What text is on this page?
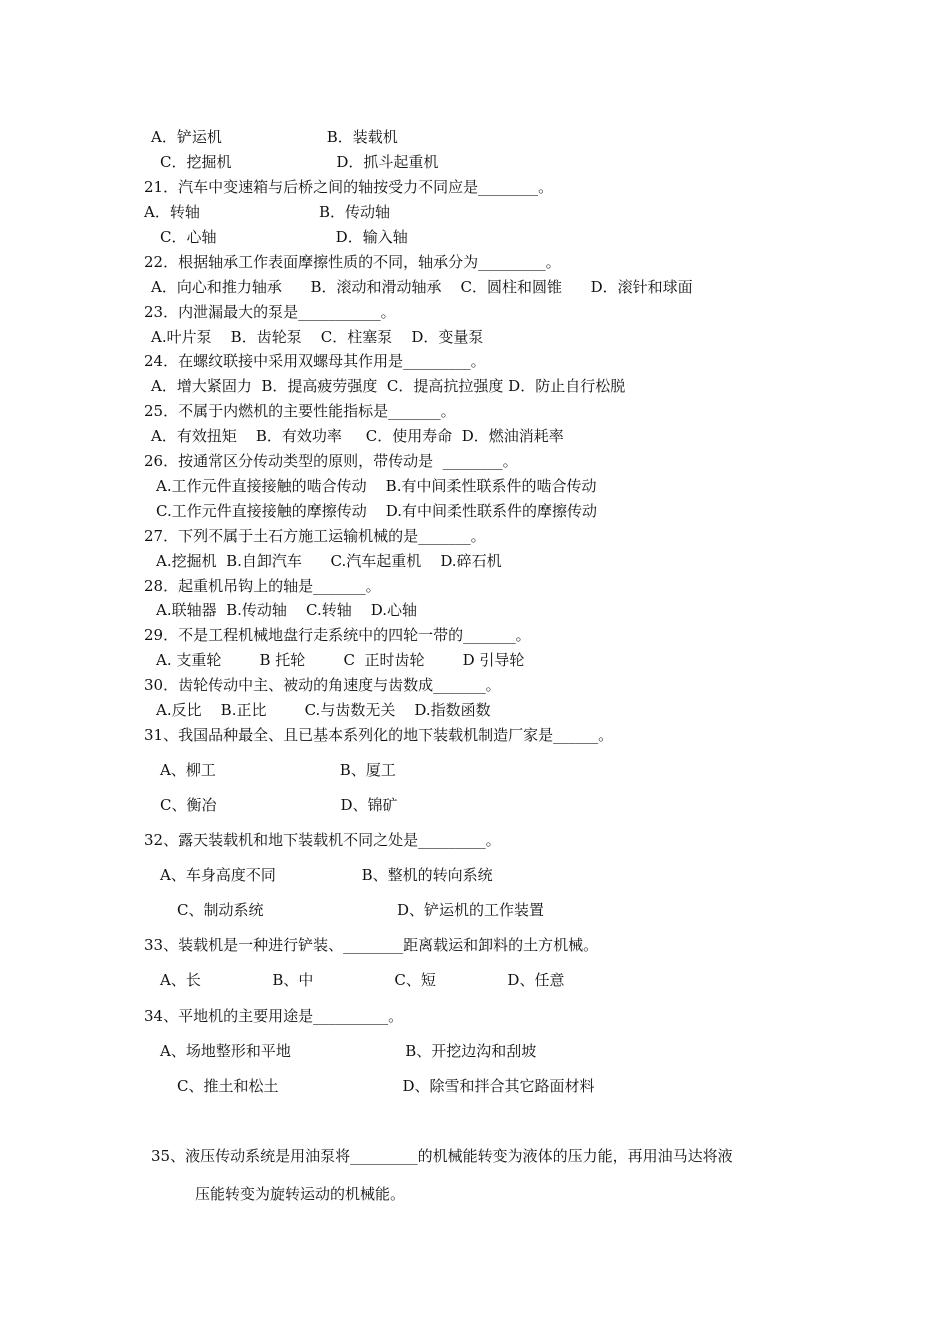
A．铲运机                      B．装载机
C．挖掘机                      D．抓斗起重机
21．汽车中变速箱与后桥之间的轴按受力不同应是________。
A．转轴                         B．传动轴
C．心轴                         D．输入轴
22．根据轴承工作表面摩擦性质的不同，轴承分为_________。
A．向心和推力轴承      B．滚动和滑动轴承    C．圆柱和圆锥      D．滚针和球面
23．内泄漏最大的泵是___________。
A.叶片泵    B．齿轮泵    C．柱塞泵    D．变量泵
24．在螺纹联接中采用双螺母其作用是_________。
A．增大紧固力  B．提高疲劳强度  C．提高抗拉强度 D．防止自行松脱
25．不属于内燃机的主要性能指标是_______。
A．有效扭矩    B．有效功率     C．使用寿命  D．燃油消耗率
26．按通常区分传动类型的原则，带传动是  ________。
A.工作元件直接接触的啮合传动    B.有中间柔性联系件的啮合传动
C.工作元件直接接触的摩擦传动    D.有中间柔性联系件的摩擦传动
27．下列不属于土石方施工运输机械的是_______。
A.挖掘机  B.自卸汽车      C.汽车起重机    D.碎石机
28．起重机吊钩上的轴是_______。
A.联轴器  B.传动轴    C.转轴    D.心轴
29．不是工程机械地盘行走系统中的四轮一带的_______。
A. 支重轮        B 托轮        C  正时齿轮        D 引导轮
30．齿轮传动中主、被动的角速度与齿数成_______。
A.反比    B.正比        C.与齿数无关    D.指数函数
31、我国品种最全、且已基本系列化的地下装载机制造厂家是______。
A、柳工                          B、厦工
C、衡冶                          D、锦矿
32、露天装载机和地下装载机不同之处是_________。
A、车身高度不同                  B、整机的转向系统
C、制动系统                            D、铲运机的工作装置
33、装载机是一种进行铲装、________距离载运和卸料的土方机械。
A、长               B、中                 C、短               D、任意
34、平地机的主要用途是__________。
A、场地整形和平地                        B、开挖边沟和刮坡
C、推土和松土                          D、除雪和拌合其它路面材料
35、液压传动系统是用油泵将_________的机械能转变为液体的压力能，再用油马达将液
压能转变为旋转运动的机械能。
